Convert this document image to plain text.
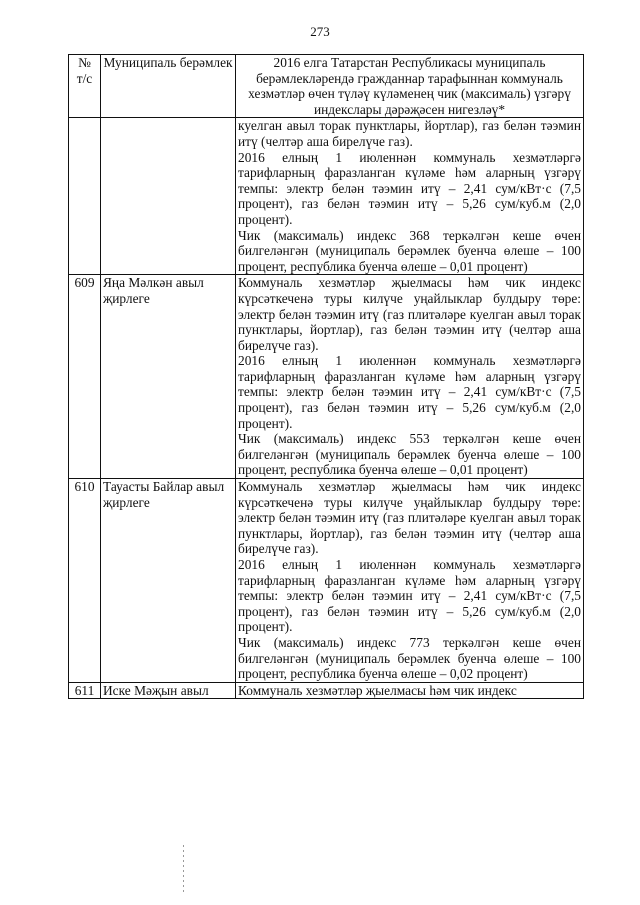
273
№
т/с	Муниципаль берәмлек	2016 елга Татарстан Республикасы муниципаль берәмлекләрендә гражданнар тарафыннан коммуналь хезмәтләр өчен түләү күләменең чик (максималь) үзгәрү индекслары дәрәҗәсен нигезләү*

		куелган авыл торак пунктлары, йортлар), газ белән тәэмин итү (челтәр аша бирелүче газ).

2016 елның 1 июленнән коммуналь хезмәтләргә тарифларның фаразланган күләме һәм аларның үзгәрү темпы: электр белән тәэмин итү – 2,41 сум/кВт·с (7,5 процент), газ белән тәэмин итү – 5,26 сум/куб.м (2,0 процент).

Чик (максималь) индекс 368 теркәлгән кеше өчен билгеләнгән (муниципаль берәмлек буенча өлеше – 100 процент, республика буенча өлеше – 0,01 процент)

609	Яңа Мәлкән авыл җирлеге	Коммуналь хезмәтләр җыелмасы һәм чик индекс күрсәткеченә туры килүче уңайлыклар булдыру төре: электр белән тәэмин итү (газ плитәләре куелган авыл торак пунктлары, йортлар), газ белән тәэмин итү (челтәр аша бирелүче газ).

2016 елның 1 июленнән коммуналь хезмәтләргә тарифларның фаразланган күләме һәм аларның үзгәрү темпы: электр белән тәэмин итү – 2,41 сум/кВт·с (7,5 процент), газ белән тәэмин итү – 5,26 сум/куб.м (2,0 процент).

Чик (максималь) индекс 553 теркәлгән кеше өчен билгеләнгән (муниципаль берәмлек буенча өлеше – 100 процент, республика буенча өлеше – 0,01 процент)

610	Тауасты Байлар авыл җирлеге	Коммуналь хезмәтләр җыелмасы һәм чик индекс күрсәткеченә туры килүче уңайлыклар булдыру төре: электр белән тәэмин итү (газ плитәләре куелган авыл торак пунктлары, йортлар), газ белән тәэмин итү (челтәр аша бирелүче газ).

2016 елның 1 июленнән коммуналь хезмәтләргә тарифларның фаразланган күләме һәм аларның үзгәрү темпы: электр белән тәэмин итү – 2,41 сум/кВт·с (7,5 процент), газ белән тәэмин итү – 5,26 сум/куб.м (2,0 процент).

Чик (максималь) индекс 773 теркәлгән кеше өчен билгеләнгән (муниципаль берәмлек буенча өлеше – 100 процент, республика буенча өлеше – 0,02 процент)

611	Иске Мәҗын авыл	Коммуналь хезмәтләр җыелмасы һәм чик индекс
